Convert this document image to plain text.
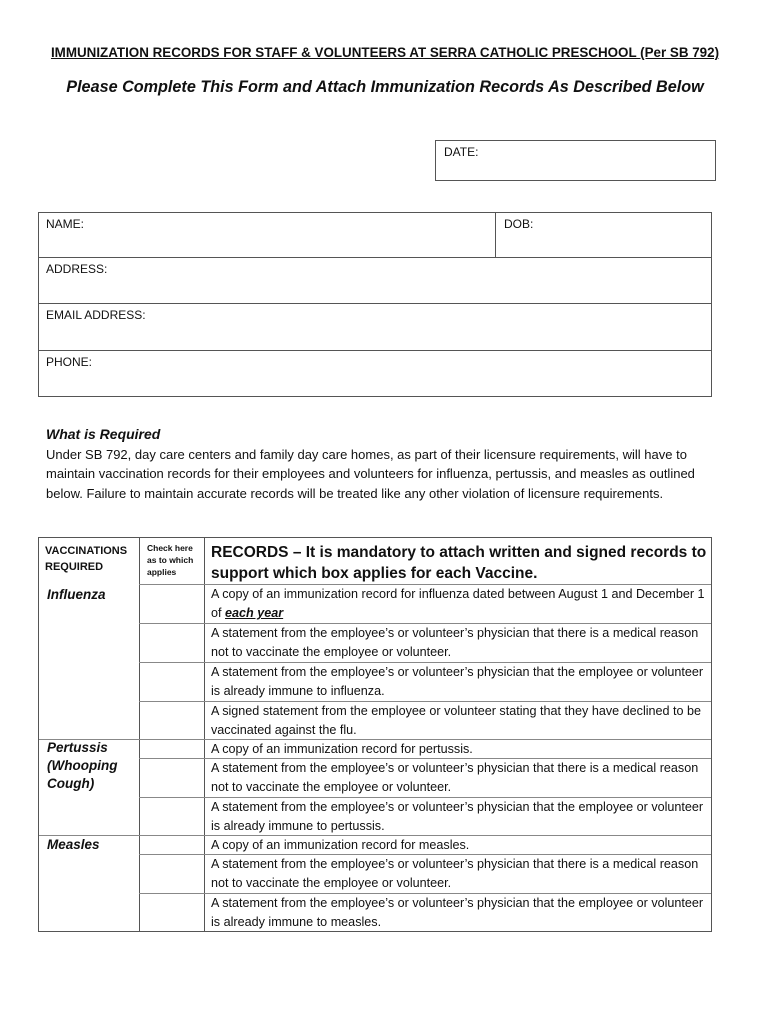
IMMUNIZATION RECORDS FOR STAFF & VOLUNTEERS AT SERRA CATHOLIC PRESCHOOL (Per SB 792)
Please Complete This Form and Attach Immunization Records As Described Below
DATE:
NAME:	DOB:
ADDRESS:
EMAIL ADDRESS:
PHONE:
What is Required

Under SB 792, day care centers and family day care homes, as part of their licensure requirements, will have to maintain vaccination records for their employees and volunteers for influenza, pertussis, and measles as outlined below. Failure to maintain accurate records will be treated like any other violation of licensure requirements.

VACCINATIONS
REQUIRED
Check here
as to which
applies
RECORDS – It is mandatory to attach written and signed records to support which box applies for each Vaccine.
Influenza
Pertussis (Whooping Cough)
Measles
A copy of an immunization record for influenza dated between August 1 and December 1 of each year
A statement from the employee’s or volunteer’s physician that there is a medical reason not to vaccinate the employee or volunteer.
A statement from the employee’s or volunteer’s physician that the employee or volunteer is already immune to influenza.
A signed statement from the employee or volunteer stating that they have declined to be vaccinated against the flu.
A copy of an immunization record for pertussis.
A statement from the employee’s or volunteer’s physician that there is a medical reason not to vaccinate the employee or volunteer.
A statement from the employee’s or volunteer’s physician that the employee or volunteer is already immune to pertussis.
A copy of an immunization record for measles.
A statement from the employee’s or volunteer’s physician that there is a medical reason not to vaccinate the employee or volunteer.
A statement from the employee’s or volunteer’s physician that the employee or volunteer is already immune to measles.
